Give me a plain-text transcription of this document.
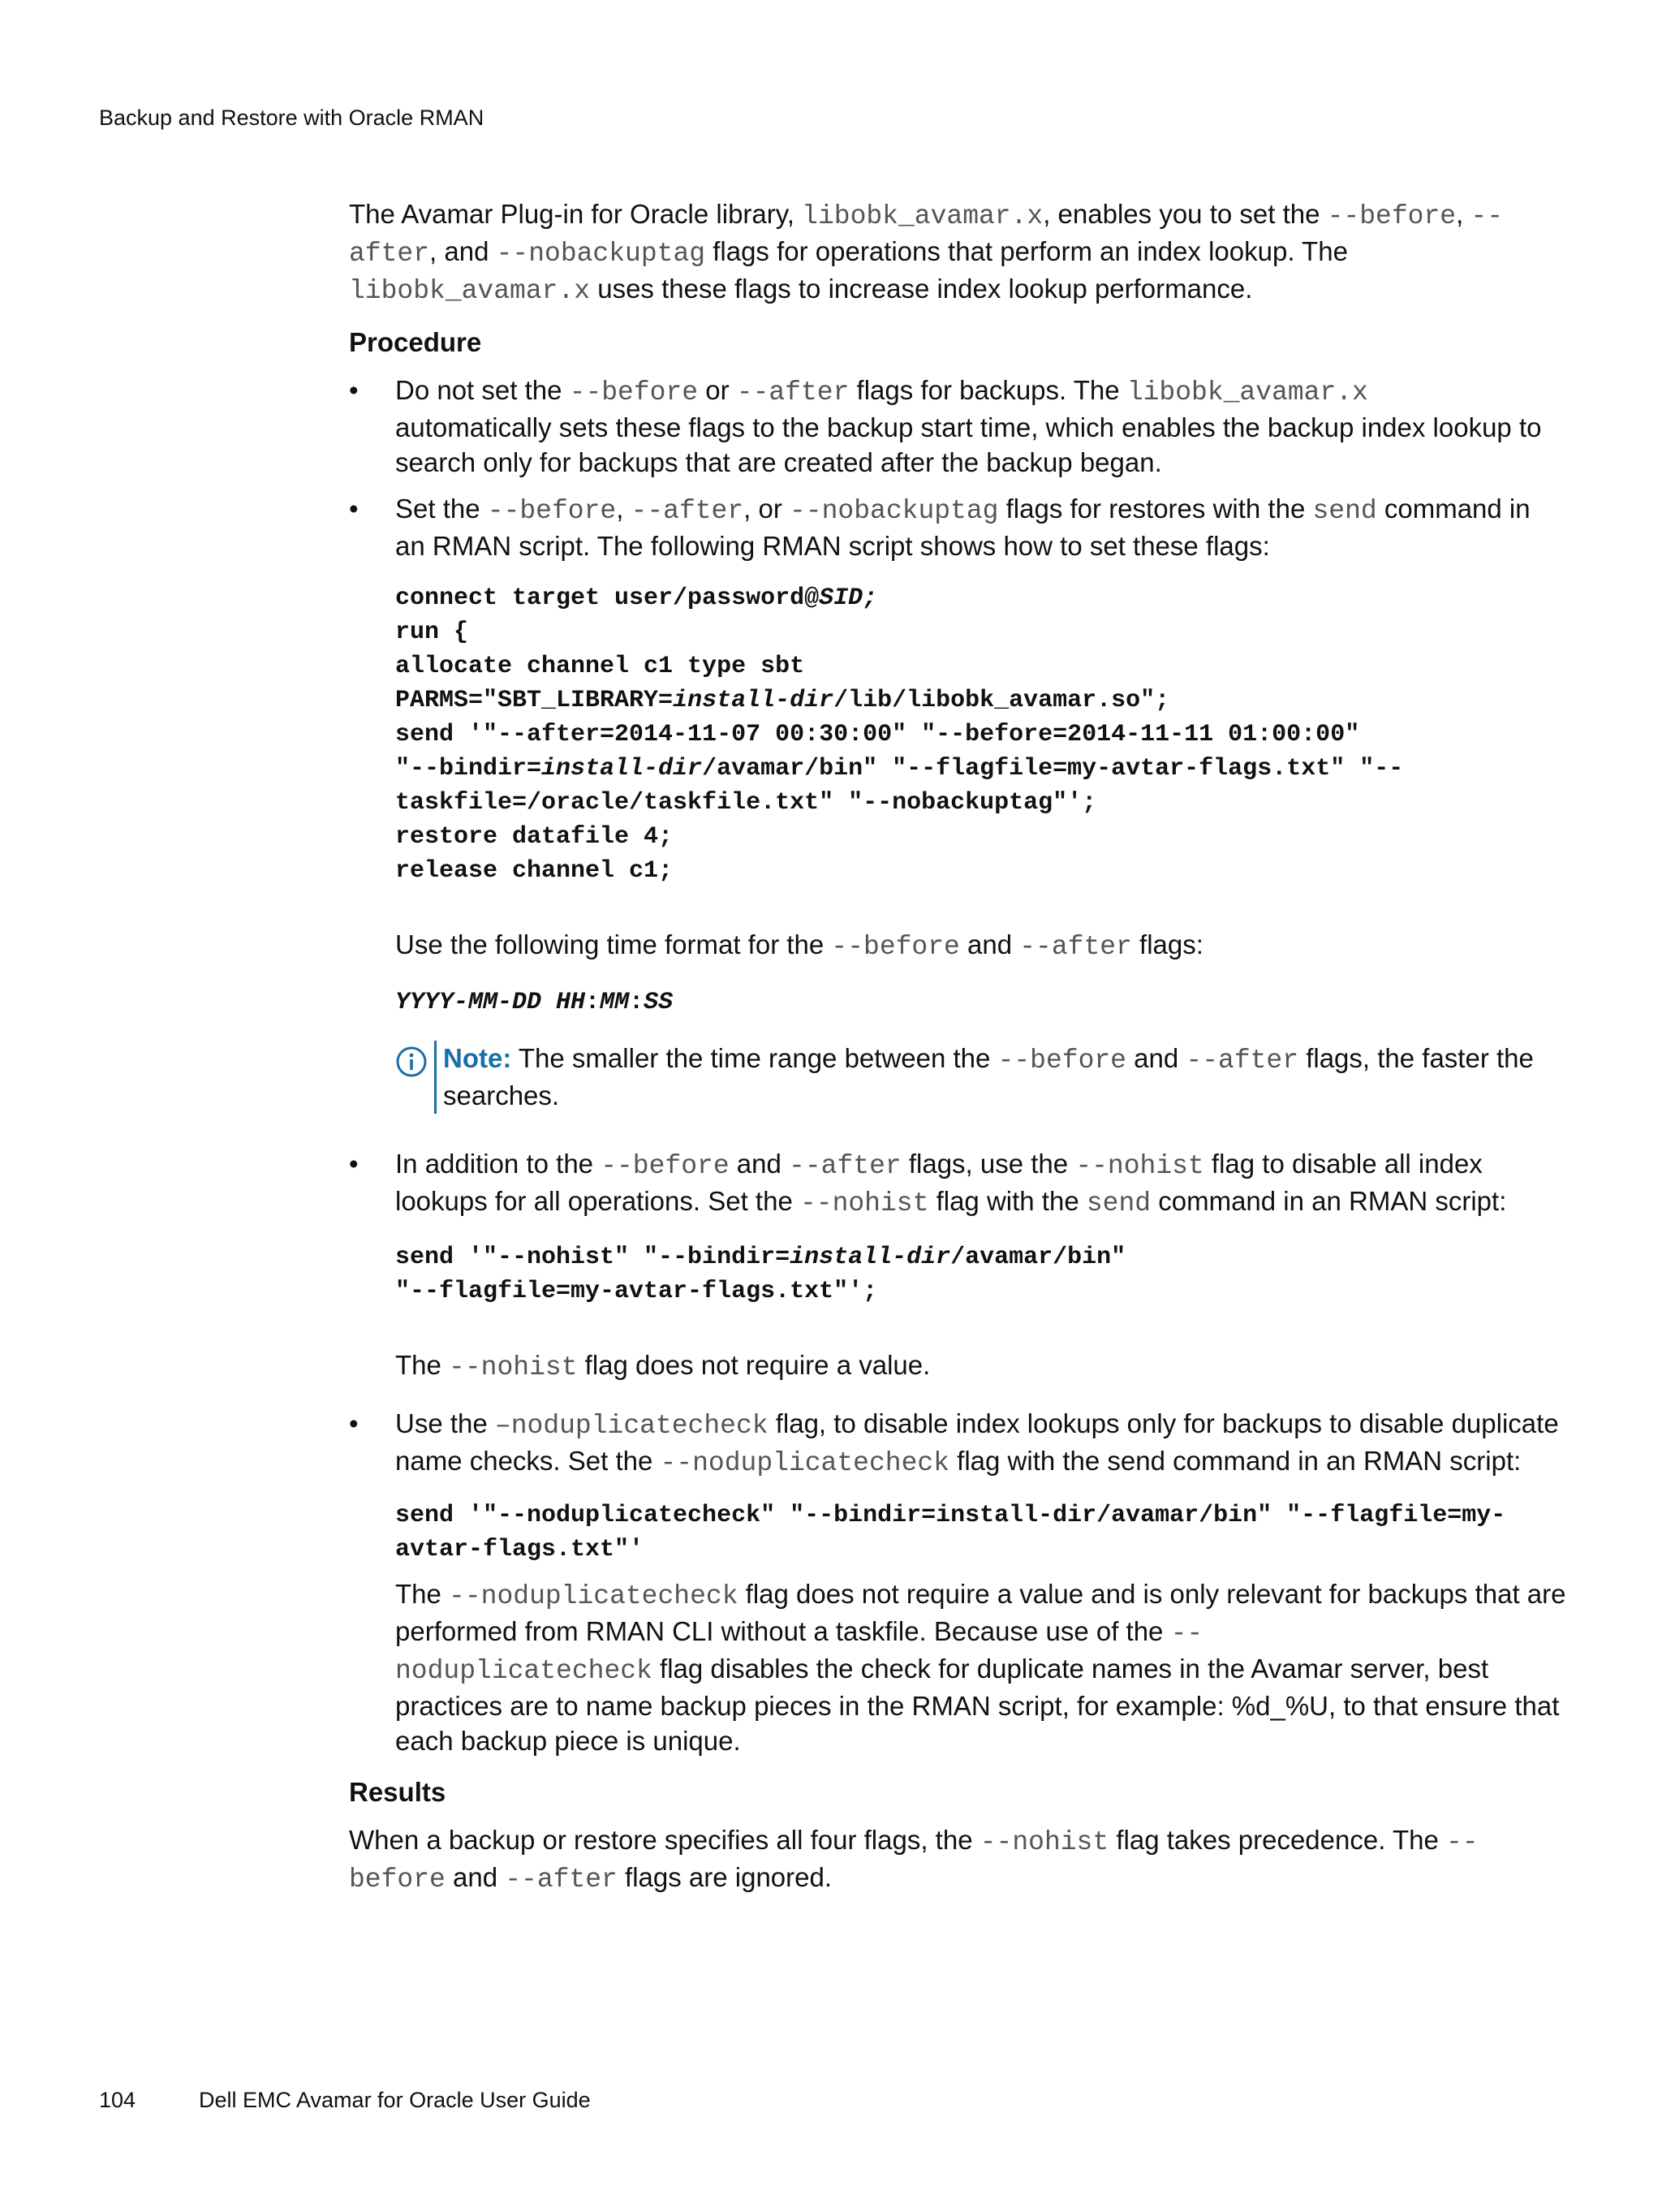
Backup and Restore with Oracle RMAN

The Avamar Plug-in for Oracle library, libobk_avamar.x, enables you to set the --before, --
after, and --nobackuptag flags for operations that perform an index lookup. The
libobk_avamar.x uses these flags to increase index lookup performance.

Procedure

• Do not set the --before or --after flags for backups. The libobk_avamar.x
automatically sets these flags to the backup start time, which enables the backup index lookup to search only for backups that are created after the backup began.

• Set the --before, --after, or --nobackuptag flags for restores with the send command in an RMAN script. The following RMAN script shows how to set these flags:

connect target user/password@SID;
run {
allocate channel c1 type sbt
PARMS="SBT_LIBRARY=install-dir/lib/libobk_avamar.so";
send '"--after=2014-11-07 00:30:00" "--before=2014-11-11 01:00:00"
"--bindir=install-dir/avamar/bin" "--flagfile=my-avtar-flags.txt" "--
taskfile=/oracle/taskfile.txt" "--nobackuptag"';
restore datafile 4;
release channel c1;

Use the following time format for the --before and --after flags:

YYYY-MM-DD HH:MM:SS

Note: The smaller the time range between the --before and --after flags, the faster the searches.

• In addition to the --before and --after flags, use the --nohist flag to disable all index lookups for all operations. Set the --nohist flag with the send command in an RMAN script:

send '"--nohist" "--bindir=install-dir/avamar/bin"
"--flagfile=my-avtar-flags.txt"';

The --nohist flag does not require a value.

• Use the –noduplicatecheck flag, to disable index lookups only for backups to disable duplicate name checks. Set the --noduplicatecheck flag with the send command in an RMAN script:

send '"--noduplicatecheck" "--bindir=install-dir/avamar/bin" "--flagfile=my-
avtar-flags.txt"'

The --noduplicatecheck flag does not require a value and is only relevant for backups that are performed from RMAN CLI without a taskfile. Because use of the --
noduplicatecheck flag disables the check for duplicate names in the Avamar server, best practices are to name backup pieces in the RMAN script, for example: %d_%U, to that ensure that each backup piece is unique.

Results

When a backup or restore specifies all four flags, the --nohist flag takes precedence. The --
before and --after flags are ignored.

104	Dell EMC Avamar for Oracle User Guide
